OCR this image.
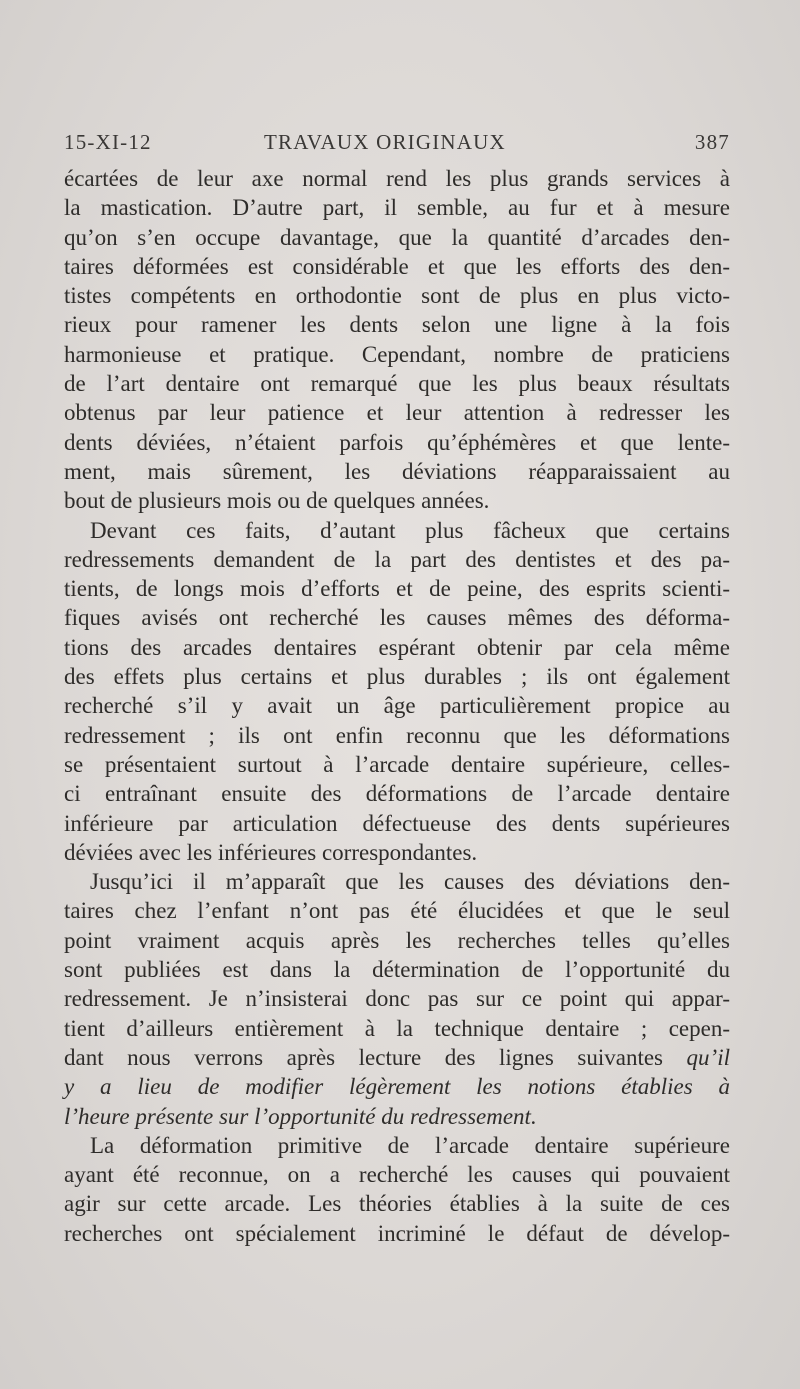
15-XI-12	TRAVAUX ORIGINAUX	387
écartées de leur axe normal rend les plus grands services à
la mastication. D’autre part, il semble, au fur et à mesure
qu’on s’en occupe davantage, que la quantité d’arcades den-
taires déformées est considérable et que les efforts des den-
tistes compétents en orthodontie sont de plus en plus victo-
rieux pour ramener les dents selon une ligne à la fois
harmonieuse et pratique. Cependant, nombre de praticiens
de l’art dentaire ont remarqué que les plus beaux résultats
obtenus par leur patience et leur attention à redresser les
dents déviées, n’étaient parfois qu’éphémères et que lente-
ment, mais sûrement, les déviations réapparaissaient au
bout de plusieurs mois ou de quelques années.
Devant ces faits, d’autant plus fâcheux que certains
redressements demandent de la part des dentistes et des pa-
tients, de longs mois d’efforts et de peine, des esprits scienti-
fiques avisés ont recherché les causes mêmes des déforma-
tions des arcades dentaires espérant obtenir par cela même
des effets plus certains et plus durables ; ils ont également
recherché s’il y avait un âge particulièrement propice au
redressement ; ils ont enfin reconnu que les déformations
se présentaient surtout à l’arcade dentaire supérieure, celles-
ci entraînant ensuite des déformations de l’arcade dentaire
inférieure par articulation défectueuse des dents supérieures
déviées avec les inférieures correspondantes.
Jusqu’ici il m’apparaît que les causes des déviations den-
taires chez l’enfant n’ont pas été élucidées et que le seul
point vraiment acquis après les recherches telles qu’elles
sont publiées est dans la détermination de l’opportunité du
redressement. Je n’insisterai donc pas sur ce point qui appar-
tient d’ailleurs entièrement à la technique dentaire ; cepen-
dant nous verrons après lecture des lignes suivantes qu’il
y a lieu de modifier légèrement les notions établies à
l’heure présente sur l’opportunité du redressement.
La déformation primitive de l’arcade dentaire supérieure
ayant été reconnue, on a recherché les causes qui pouvaient
agir sur cette arcade. Les théories établies à la suite de ces
recherches ont spécialement incriminé le défaut de dévelop-
